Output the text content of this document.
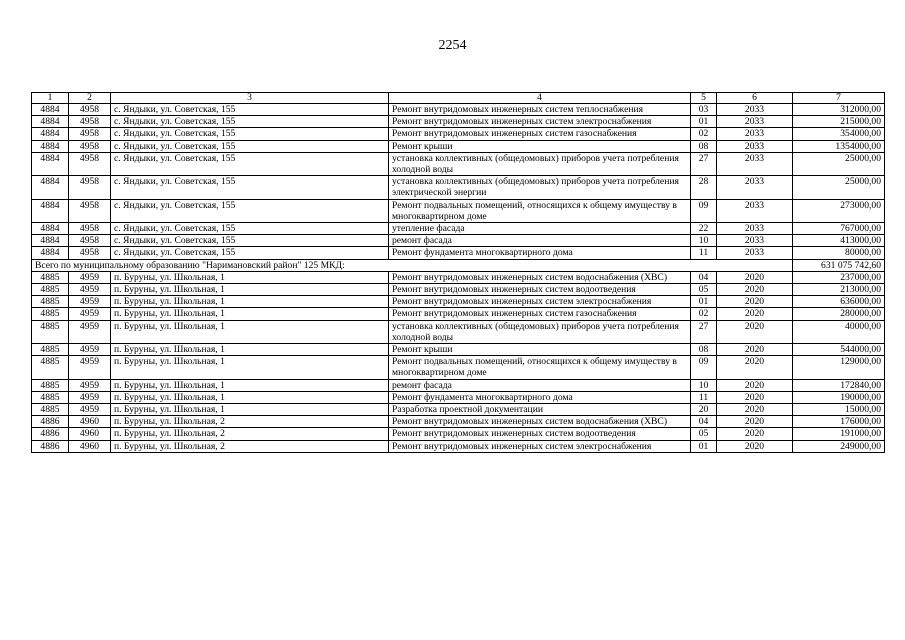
2254
1	2	3	4	5	6	7
4884	4958	с. Яндыки, ул. Советская, 155	Ремонт внутридомовых инженерных систем теплоснабжения	03	2033	312000,00
4884	4958	с. Яндыки, ул. Советская, 155	Ремонт внутридомовых инженерных систем электроснабжения	01	2033	215000,00
4884	4958	с. Яндыки, ул. Советская, 155	Ремонт внутридомовых инженерных систем газоснабжения	02	2033	354000,00
4884	4958	с. Яндыки, ул. Советская, 155	Ремонт крыши	08	2033	1354000,00
4884	4958	с. Яндыки, ул. Советская, 155	установка коллективных (общедомовых) приборов учета потребления холодной воды	27	2033	25000,00
4884	4958	с. Яндыки, ул. Советская, 155	установка коллективных (общедомовых) приборов учета потребления электрической энергии	28	2033	25000,00
4884	4958	с. Яндыки, ул. Советская, 155	Ремонт подвальных помещений, относящихся к общему имуществу в многоквартирном доме	09	2033	273000,00
4884	4958	с. Яндыки, ул. Советская, 155	утепление фасада	22	2033	767000,00
4884	4958	с. Яндыки, ул. Советская, 155	ремонт фасада	10	2033	413000,00
4884	4958	с. Яндыки, ул. Советская, 155	Ремонт фундамента многоквартирного дома	11	2033	80000,00
Всего по муниципальному образованию "Наримановский район" 125 МКД:						631 075 742,60
4885	4959	п. Буруны, ул. Школьная, 1	Ремонт внутридомовых инженерных систем водоснабжения (ХВС)	04	2020	237000,00
4885	4959	п. Буруны, ул. Школьная, 1	Ремонт внутридомовых инженерных систем водоотведения	05	2020	213000,00
4885	4959	п. Буруны, ул. Школьная, 1	Ремонт внутридомовых инженерных систем электроснабжения	01	2020	636000,00
4885	4959	п. Буруны, ул. Школьная, 1	Ремонт внутридомовых инженерных систем газоснабжения	02	2020	280000,00
4885	4959	п. Буруны, ул. Школьная, 1	установка коллективных (общедомовых) приборов учета потребления холодной воды	27	2020	40000,00
4885	4959	п. Буруны, ул. Школьная, 1	Ремонт крыши	08	2020	544000,00
4885	4959	п. Буруны, ул. Школьная, 1	Ремонт подвальных помещений, относящихся к общему имуществу в многоквартирном доме	09	2020	129000,00
4885	4959	п. Буруны, ул. Школьная, 1	ремонт фасада	10	2020	172840,00
4885	4959	п. Буруны, ул. Школьная, 1	Ремонт фундамента многоквартирного дома	11	2020	190000,00
4885	4959	п. Буруны, ул. Школьная, 1	Разработка проектной документации	20	2020	15000,00
4886	4960	п. Буруны, ул. Школьная, 2	Ремонт внутридомовых инженерных систем водоснабжения (ХВС)	04	2020	176000,00
4886	4960	п. Буруны, ул. Школьная, 2	Ремонт внутридомовых инженерных систем водоотведения	05	2020	191000,00
4886	4960	п. Буруны, ул. Школьная, 2	Ремонт внутридомовых инженерных систем электроснабжения	01	2020	249000,00
